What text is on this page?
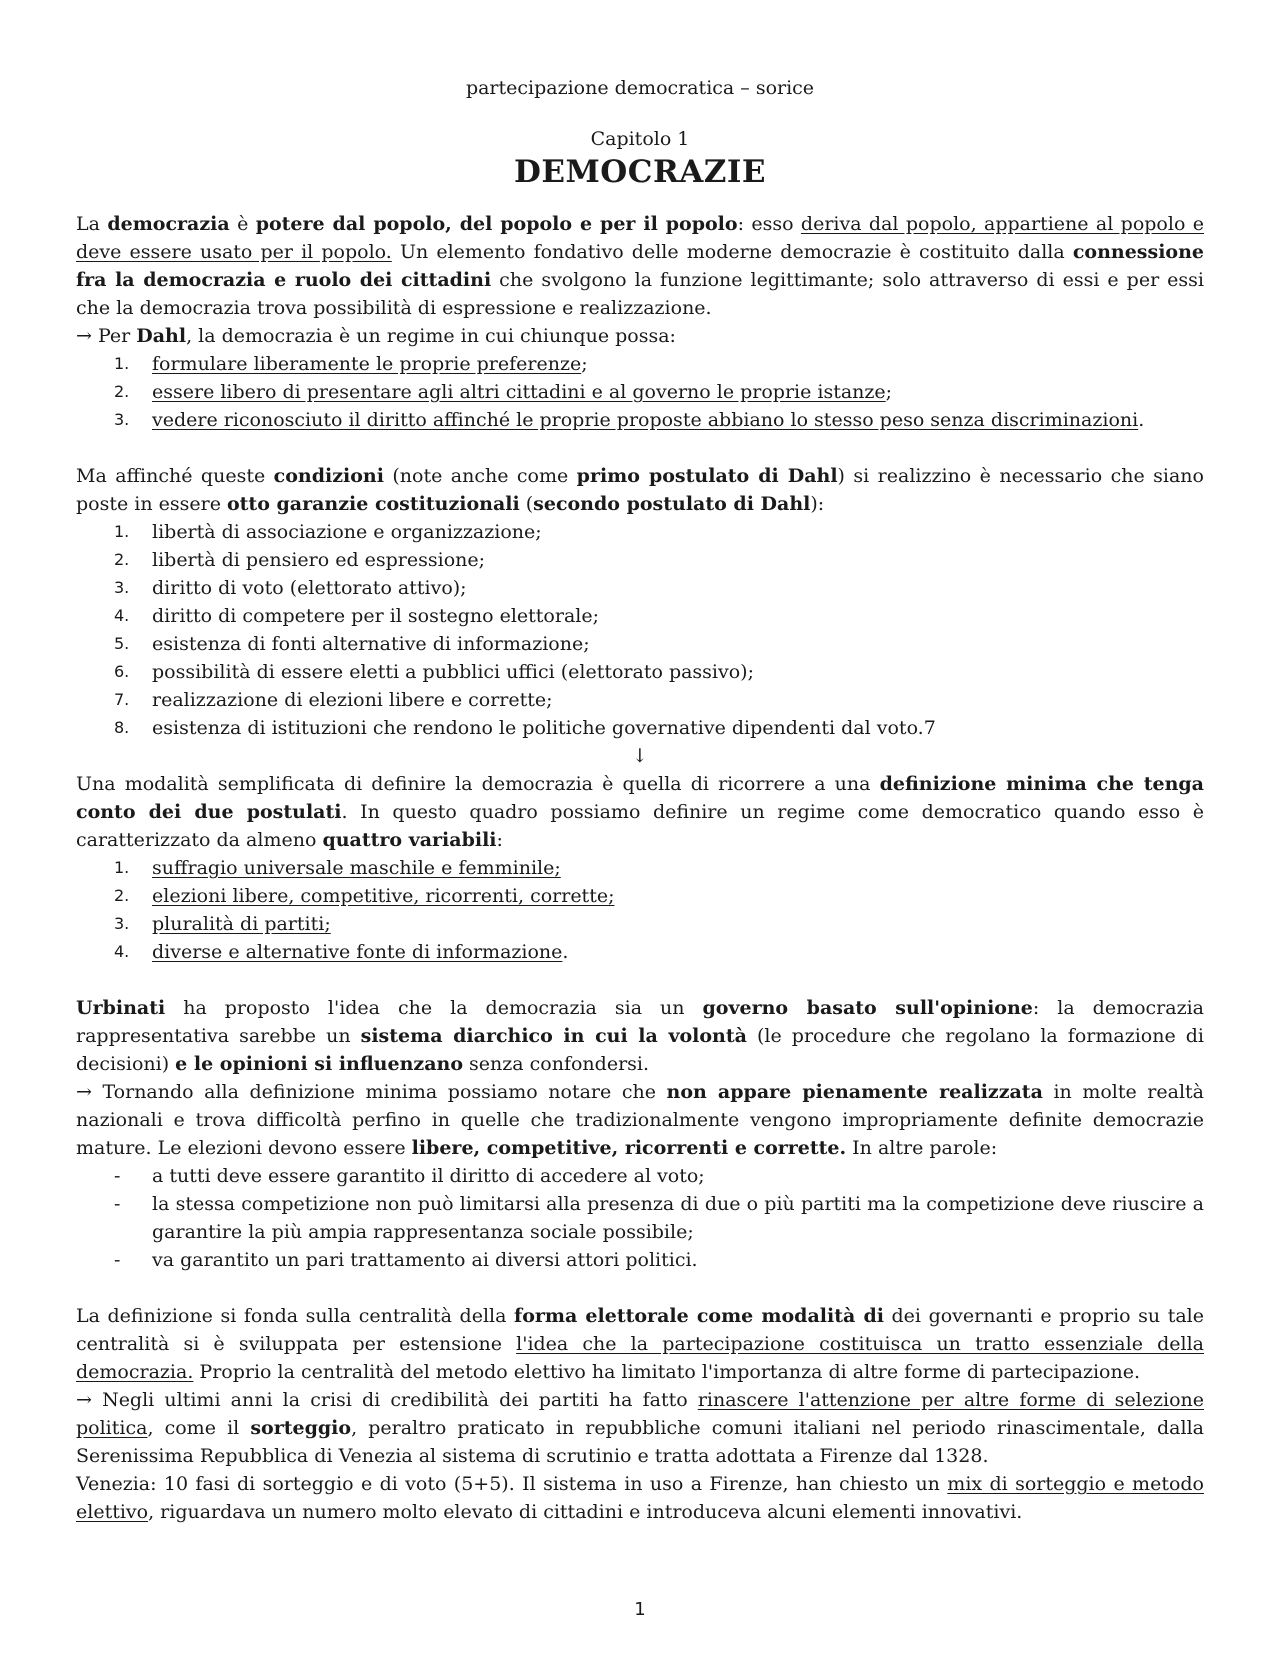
partecipazione democratica – sorice
Capitolo 1
DEMOCRAZIE

La democrazia è potere dal popolo, del popolo e per il popolo: esso deriva dal popolo, appartiene al popolo e deve essere usato per il popolo. Un elemento fondativo delle moderne democrazie è costituito dalla connessione fra la democrazia e ruolo dei cittadini che svolgono la funzione legittimante; solo attraverso di essi e per essi che la democrazia trova possibilità di espressione e realizzazione.

→ Per Dahl, la democrazia è un regime in cui chiunque possa:

1.	formulare liberamente le proprie preferenze;
2.	essere libero di presentare agli altri cittadini e al governo le proprie istanze;
3.	vedere riconosciuto il diritto affinché le proprie proposte abbiano lo stesso peso senza discriminazioni.

Ma affinché queste condizioni (note anche come primo postulato di Dahl) si realizzino è necessario che siano poste in essere otto garanzie costituzionali (secondo postulato di Dahl):

1.	libertà di associazione e organizzazione;
2.	libertà di pensiero ed espressione;
3.	diritto di voto (elettorato attivo);
4.	diritto di competere per il sostegno elettorale;
5.	esistenza di fonti alternative di informazione;
6.	possibilità di essere eletti a pubblici uffici (elettorato passivo);
7.	realizzazione di elezioni libere e corrette;
8.	esistenza di istituzioni che rendono le politiche governative dipendenti dal voto.7
↓

Una modalità semplificata di definire la democrazia è quella di ricorrere a una definizione minima che tenga conto dei due postulati. In questo quadro possiamo definire un regime come democratico quando esso è caratterizzato da almeno quattro variabili:

1.	suffragio universale maschile e femminile;
2.	elezioni libere, competitive, ricorrenti, corrette;
3.	pluralità di partiti;
4.	diverse e alternative fonte di informazione.

Urbinati ha proposto l'idea che la democrazia sia un governo basato sull'opinione: la democrazia rappresentativa sarebbe un sistema diarchico in cui la volontà (le procedure che regolano la formazione di decisioni) e le opinioni si influenzano senza confondersi.

→ Tornando alla definizione minima possiamo notare che non appare pienamente realizzata in molte realtà nazionali e trova difficoltà perfino in quelle che tradizionalmente vengono impropriamente definite democrazie mature. Le elezioni devono essere libere, competitive, ricorrenti e corrette. In altre parole:

- a tutti deve essere garantito il diritto di accedere al voto;
- la stessa competizione non può limitarsi alla presenza di due o più partiti ma la competizione deve riuscire a garantire la più ampia rappresentanza sociale possibile;
- va garantito un pari trattamento ai diversi attori politici.

La definizione si fonda sulla centralità della forma elettorale come modalità di dei governanti e proprio su tale centralità si è sviluppata per estensione l'idea che la partecipazione costituisca un tratto essenziale della democrazia. Proprio la centralità del metodo elettivo ha limitato l'importanza di altre forme di partecipazione.

→ Negli ultimi anni la crisi di credibilità dei partiti ha fatto rinascere l'attenzione per altre forme di selezione politica, come il sorteggio, peraltro praticato in repubbliche comuni italiani nel periodo rinascimentale, dalla Serenissima Repubblica di Venezia al sistema di scrutinio e tratta adottata a Firenze dal 1328.

Venezia: 10 fasi di sorteggio e di voto (5+5). Il sistema in uso a Firenze, han chiesto un mix di sorteggio e metodo elettivo, riguardava un numero molto elevato di cittadini e introduceva alcuni elementi innovativi.

1
